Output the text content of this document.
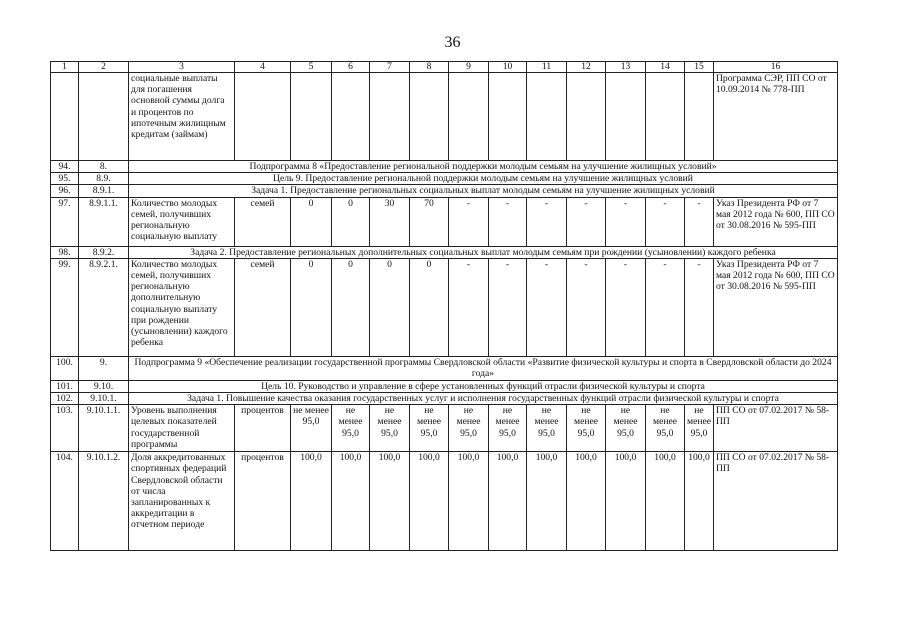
36
1	2	3	4	5	6	7	8	9	10	11	12	13	14	15	16
		социальные выплаты для погашения основной суммы долга и процентов по ипотечным жилищным кредитам (займам)													Программа СЭР, ПП СО от 10.09.2014 № 778-ПП
94.	8.	Подпрограмма 8 «Предоставление региональной поддержки молодым семьям на улучшение жилищных условий»													
95.	8.9.	Цель 9. Предоставление региональной поддержки молодым семьям на улучшение жилищных условий													
96.	8.9.1.	Задача 1. Предоставление региональных социальных выплат молодым семьям на улучшение жилищных условий													
97.	8.9.1.1.	Количество молодых семей, получивших региональную социальную выплату	семей	0	0	30	70	-	-	-	-	-	-	-	Указ Президента РФ от 7 мая 2012 года № 600, ПП СО от 30.08.2016 № 595-ПП
98.	8.9.2.	Задача 2. Предоставление региональных дополнительных социальных выплат молодым семьям при рождении (усыновлении) каждого ребенка													
99.	8.9.2.1.	Количество молодых семей, получивших региональную дополнительную социальную выплату при рождении (усыновлении) каждого ребенка	семей	0	0	0	0	-	-	-	-	-	-	-	Указ Президента РФ от 7 мая 2012 года № 600, ПП СО от 30.08.2016 № 595-ПП
100.	9.	Подпрограмма 9 «Обеспечение реализации государственной программы Свердловской области «Развитие физической культуры и спорта в Свердловской области до 2024 года»													
101.	9.10.	Цель 10. Руководство и управление в сфере установленных функций отрасли физической культуры и спорта													
102.	9.10.1.	Задача 1. Повышение качества оказания государственных услуг и исполнения государственных функций отрасли физической культуры и спорта													
103.	9.10.1.1.	Уровень выполнения целевых показателей государственной программы	процентов	не менее 95,0	не менее 95,0	не менее 95,0	не менее 95,0	не менее 95,0	не менее 95,0	не менее 95,0	не менее 95,0	не менее 95,0	не менее 95,0	не менее 95,0	ПП СО от 07.02.2017 № 58-ПП
104.	9.10.1.2.	Доля аккредитованных спортивных федераций Свердловской области от числа запланированных к аккредитации в отчетном периоде	процентов	100,0	100,0	100,0	100,0	100,0	100,0	100,0	100,0	100,0	100,0	100,0	ПП СО от 07.02.2017 № 58-ПП
